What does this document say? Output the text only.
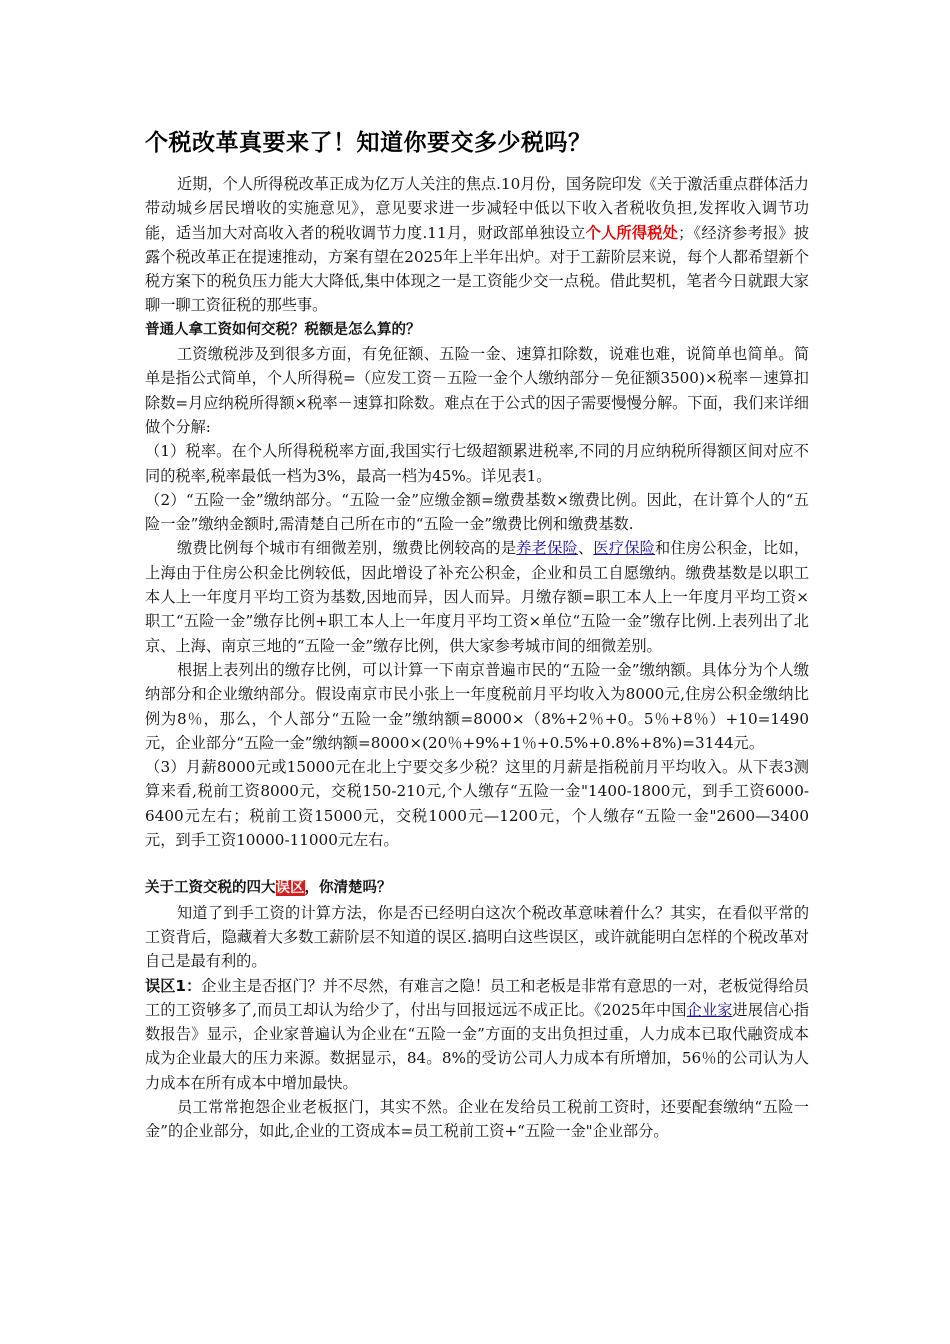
个税改革真要来了！知道你要交多少税吗？

近期，个人所得税改革正成为亿万人关注的焦点.10月份，国务院印发《关于激活重点群体活力带动城乡居民增收的实施意见》，意见要求进一步减轻中低以下收入者税收负担,发挥收入调节功能，适当加大对高收入者的税收调节力度.11月，财政部单独设立个人所得税处；《经济参考报》披露个税改革正在提速推动，方案有望在2025年上半年出炉。对于工薪阶层来说，每个人都希望新个税方案下的税负压力能大大降低,集中体现之一是工资能少交一点税。借此契机，笔者今日就跟大家聊一聊工资征税的那些事。

普通人拿工资如何交税？税额是怎么算的？

工资缴税涉及到很多方面，有免征额、五险一金、速算扣除数，说难也难，说简单也简单。简单是指公式简单，个人所得税=（应发工资－五险一金个人缴纳部分－免征额3500)×税率－速算扣除数=月应纳税所得额×税率－速算扣除数。难点在于公式的因子需要慢慢分解。下面，我们来详细做个分解:

（1）税率。在个人所得税税率方面,我国实行七级超额累进税率,不同的月应纳税所得额区间对应不同的税率,税率最低一档为3%，最高一档为45%。详见表1。

（2）“五险一金”缴纳部分。“五险一金”应缴金额=缴费基数×缴费比例。因此，在计算个人的“五险一金”缴纳金额时,需清楚自己所在市的“五险一金”缴费比例和缴费基数.

缴费比例每个城市有细微差别，缴费比例较高的是养老保险、医疗保险和住房公积金，比如，上海由于住房公积金比例较低，因此增设了补充公积金，企业和员工自愿缴纳。缴费基数是以职工本人上一年度月平均工资为基数,因地而异，因人而异。月缴存额=职工本人上一年度月平均工资×职工“五险一金”缴存比例+职工本人上一年度月平均工资×单位“五险一金”缴存比例.上表列出了北京、上海、南京三地的“五险一金”缴存比例，供大家参考城市间的细微差别。

根据上表列出的缴存比例，可以计算一下南京普遍市民的“五险一金”缴纳额。具体分为个人缴纳部分和企业缴纳部分。假设南京市民小张上一年度税前月平均收入为8000元,住房公积金缴纳比例为8％，那么，个人部分“五险一金”缴纳额=8000×（8%+2％+0。5％+8％）+10=1490元，企业部分“五险一金”缴纳额=8000×(20％+9%+1％+0.5%+0.8%+8%)=3144元。

（3）月薪8000元或15000元在北上宁要交多少税？这里的月薪是指税前月平均收入。从下表3测算来看,税前工资8000元，交税150-210元,个人缴存“五险一金"1400-1800元，到手工资6000-6400元左右；税前工资15000元，交税1000元—1200元，个人缴存“五险一金"2600—3400元，到手工资10000-11000元左右。

关于工资交税的四大误区，你清楚吗？

知道了到手工资的计算方法，你是否已经明白这次个税改革意味着什么？其实，在看似平常的工资背后，隐藏着大多数工薪阶层不知道的误区.搞明白这些误区，或许就能明白怎样的个税改革对自己是最有利的。

误区1：企业主是否抠门？并不尽然，有难言之隐！员工和老板是非常有意思的一对，老板觉得给员工的工资够多了,而员工却认为给少了，付出与回报远远不成正比。《2025年中国企业家进展信心指数报告》显示，企业家普遍认为企业在“五险一金”方面的支出负担过重，人力成本已取代融资成本成为企业最大的压力来源。数据显示，84。8%的受访公司人力成本有所增加，56％的公司认为人力成本在所有成本中增加最快。

员工常常抱怨企业老板抠门，其实不然。企业在发给员工税前工资时，还要配套缴纳“五险一金”的企业部分，如此,企业的工资成本=员工税前工资+“五险一金"企业部分。
